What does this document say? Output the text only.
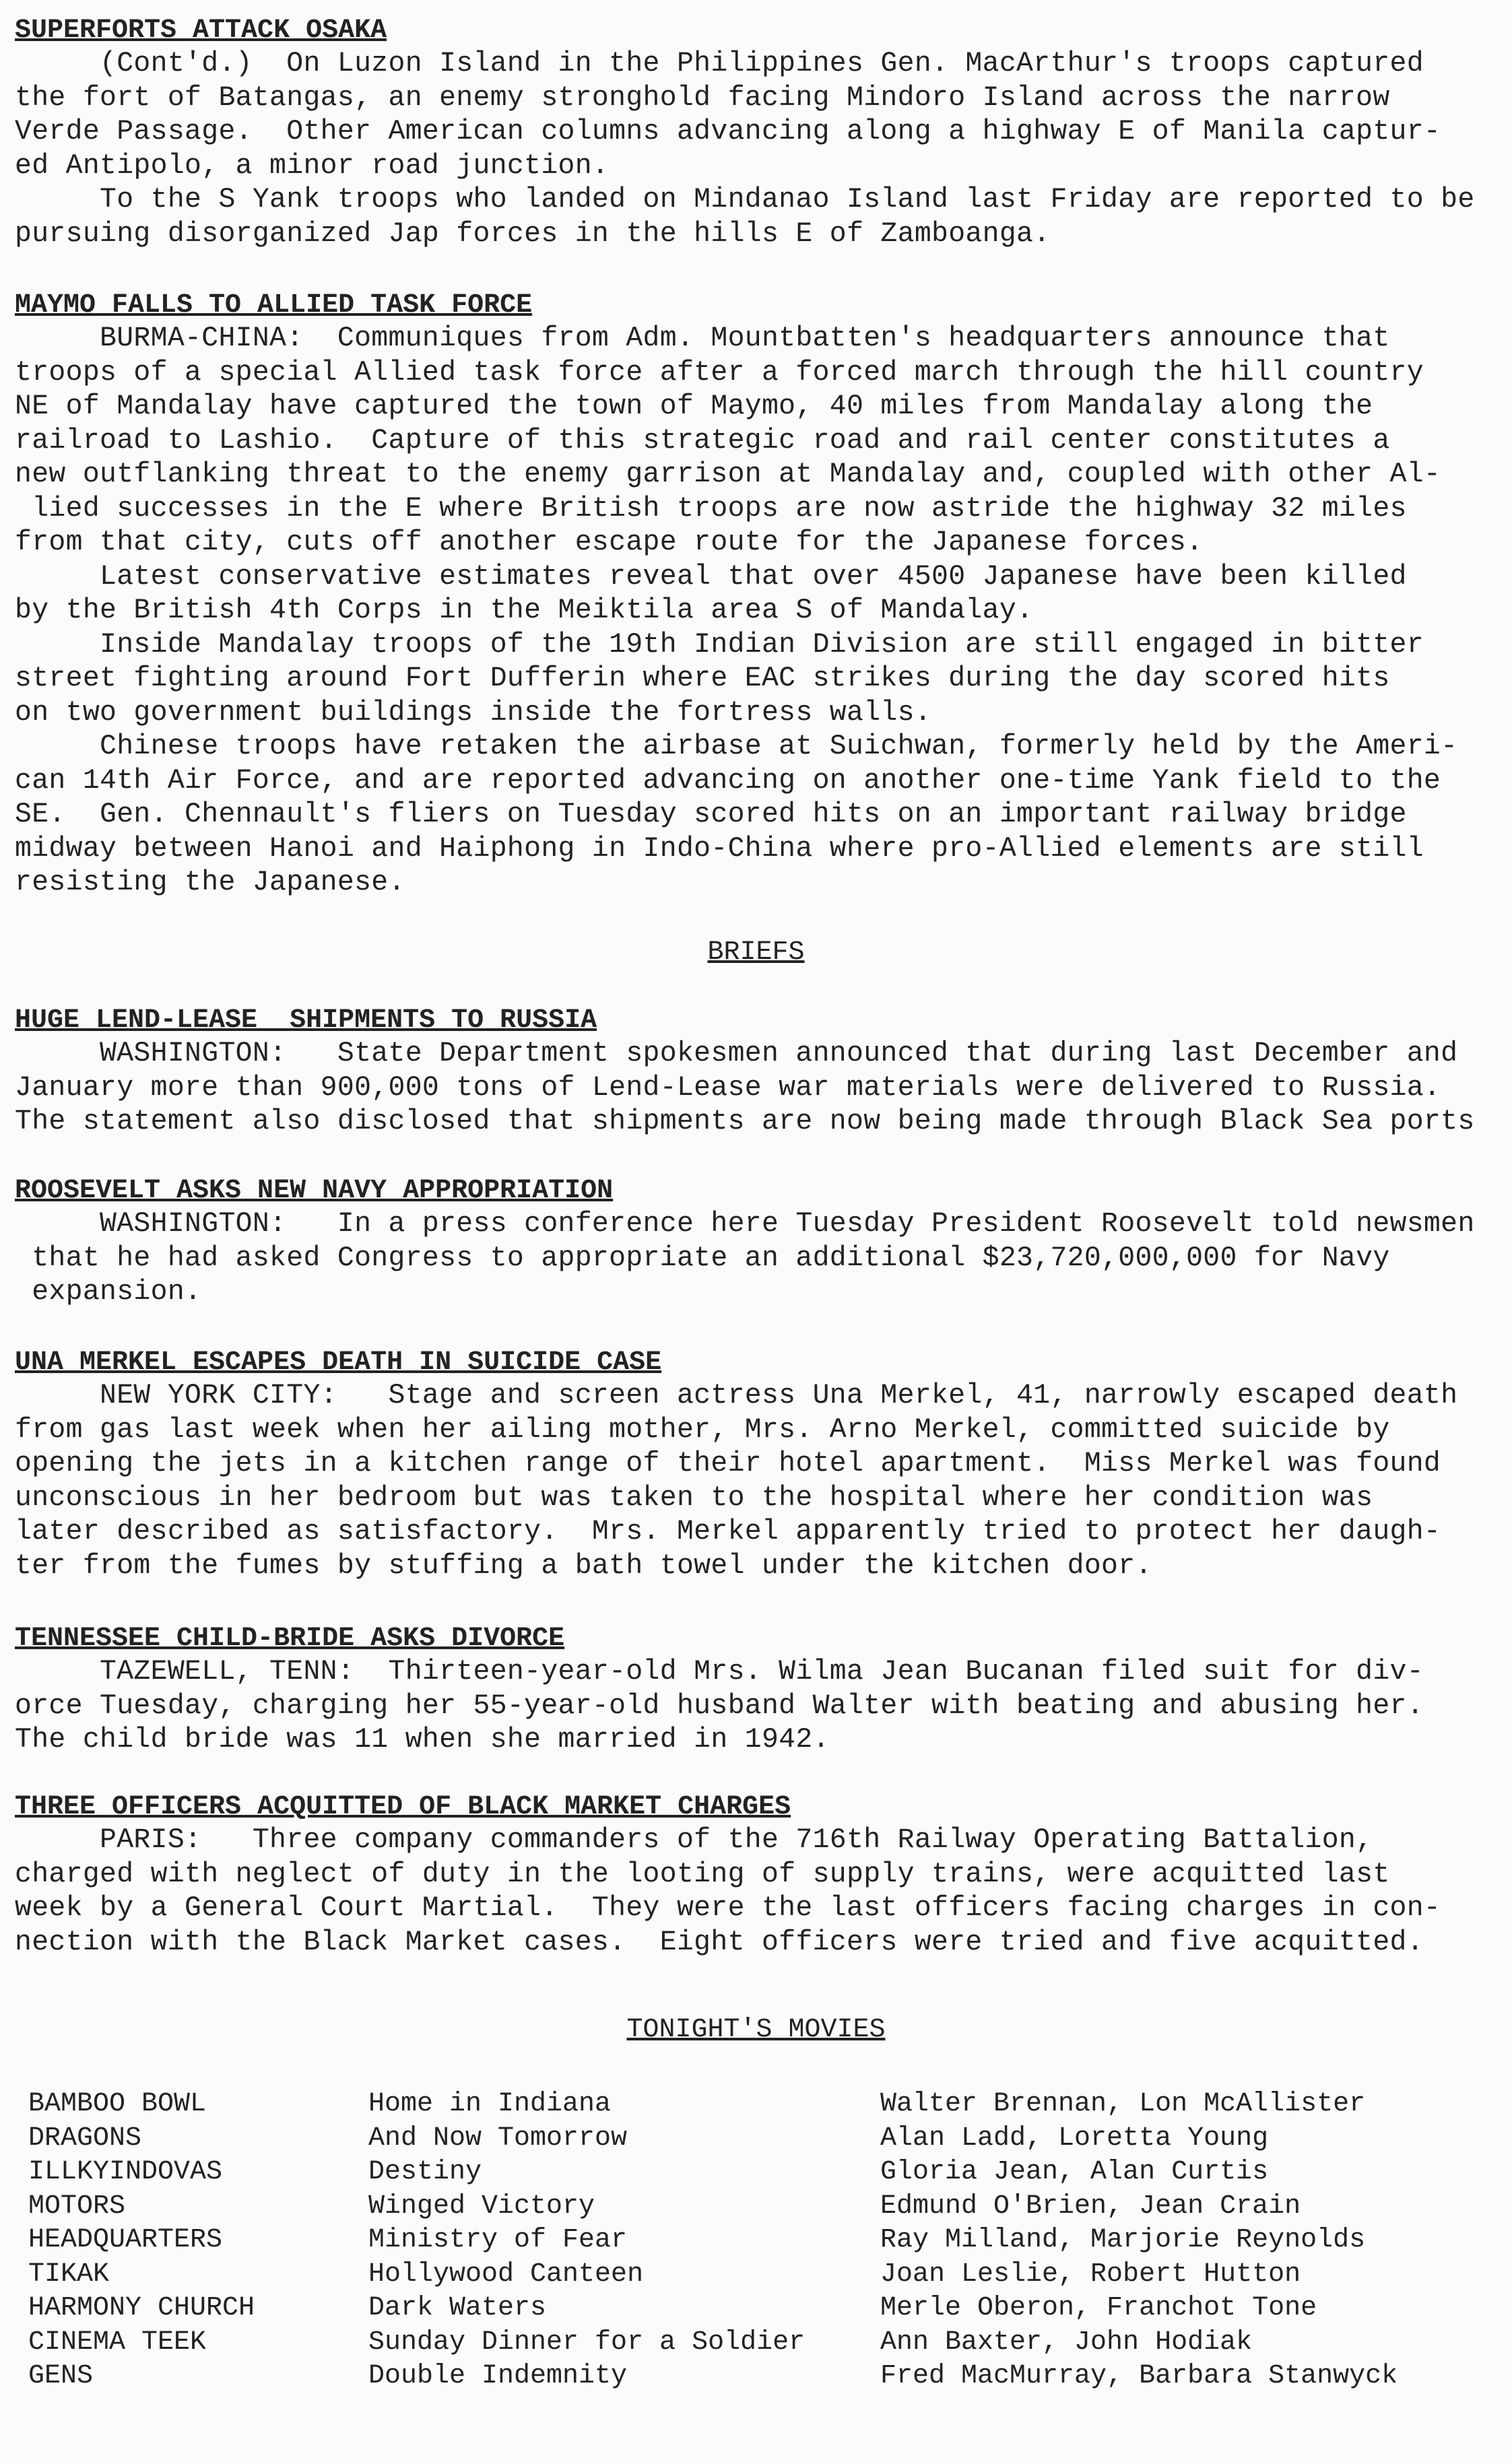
SUPERFORTS ATTACK OSAKA

(Cont'd.)  On Luzon Island in the Philippines Gen. MacArthur's troops captured
the fort of Batangas, an enemy stronghold facing Mindoro Island across the narrow
Verde Passage.  Other American columns advancing along a highway E of Manila captur-
ed Antipolo, a minor road junction.

To the S Yank troops who landed on Mindanao Island last Friday are reported to be
pursuing disorganized Jap forces in the hills E of Zamboanga.

MAYMO FALLS TO ALLIED TASK FORCE

BURMA-CHINA:  Communiques from Adm. Mountbatten's headquarters announce that
troops of a special Allied task force after a forced march through the hill country
NE of Mandalay have captured the town of Maymo, 40 miles from Mandalay along the
railroad to Lashio.  Capture of this strategic road and rail center constitutes a
new outflanking threat to the enemy garrison at Mandalay and, coupled with other Al-
lied successes in the E where British troops are now astride the highway 32 miles
from that city, cuts off another escape route for the Japanese forces.

Latest conservative estimates reveal that over 4500 Japanese have been killed
by the British 4th Corps in the Meiktila area S of Mandalay.

Inside Mandalay troops of the 19th Indian Division are still engaged in bitter
street fighting around Fort Dufferin where EAC strikes during the day scored hits
on two government buildings inside the fortress walls.

Chinese troops have retaken the airbase at Suichwan, formerly held by the Ameri-
can 14th Air Force, and are reported advancing on another one-time Yank field to the
SE.  Gen. Chennault's fliers on Tuesday scored hits on an important railway bridge
midway between Hanoi and Haiphong in Indo-China where pro-Allied elements are still
resisting the Japanese.

BRIEFS
HUGE LEND-LEASE  SHIPMENTS TO RUSSIA

WASHINGTON:   State Department spokesmen announced that during last December and
January more than 900,000 tons of Lend-Lease war materials were delivered to Russia.
The statement also disclosed that shipments are now being made through Black Sea ports

ROOSEVELT ASKS NEW NAVY APPROPRIATION

WASHINGTON:   In a press conference here Tuesday President Roosevelt told newsmen
that he had asked Congress to appropriate an additional $23,720,000,000 for Navy
expansion.

UNA MERKEL ESCAPES DEATH IN SUICIDE CASE

NEW YORK CITY:   Stage and screen actress Una Merkel, 41, narrowly escaped death
from gas last week when her ailing mother, Mrs. Arno Merkel, committed suicide by
opening the jets in a kitchen range of their hotel apartment.  Miss Merkel was found
unconscious in her bedroom but was taken to the hospital where her condition was
later described as satisfactory.  Mrs. Merkel apparently tried to protect her daugh-
ter from the fumes by stuffing a bath towel under the kitchen door.

TENNESSEE CHILD-BRIDE ASKS DIVORCE

TAZEWELL, TENN:  Thirteen-year-old Mrs. Wilma Jean Bucanan filed suit for div-
orce Tuesday, charging her 55-year-old husband Walter with beating and abusing her.
The child bride was 11 when she married in 1942.

THREE OFFICERS ACQUITTED OF BLACK MARKET CHARGES

PARIS:   Three company commanders of the 716th Railway Operating Battalion,
charged with neglect of duty in the looting of supply trains, were acquitted last
week by a General Court Martial.  They were the last officers facing charges in con-
nection with the Black Market cases.  Eight officers were tried and five acquitted.

TONIGHT'S MOVIES
BAMBOO BOWL	Home in Indiana	Walter Brennan, Lon McAllister
DRAGONS	And Now Tomorrow	Alan Ladd, Loretta Young
ILLKYINDOVAS	Destiny	Gloria Jean, Alan Curtis
MOTORS	Winged Victory	Edmund O'Brien, Jean Crain
HEADQUARTERS	Ministry of Fear	Ray Milland, Marjorie Reynolds
TIKAK	Hollywood Canteen	Joan Leslie, Robert Hutton
HARMONY CHURCH	Dark Waters	Merle Oberon, Franchot Tone
CINEMA TEEK	Sunday Dinner for a Soldier	Ann Baxter, John Hodiak
GENS	Double Indemnity	Fred MacMurray, Barbara Stanwyck
